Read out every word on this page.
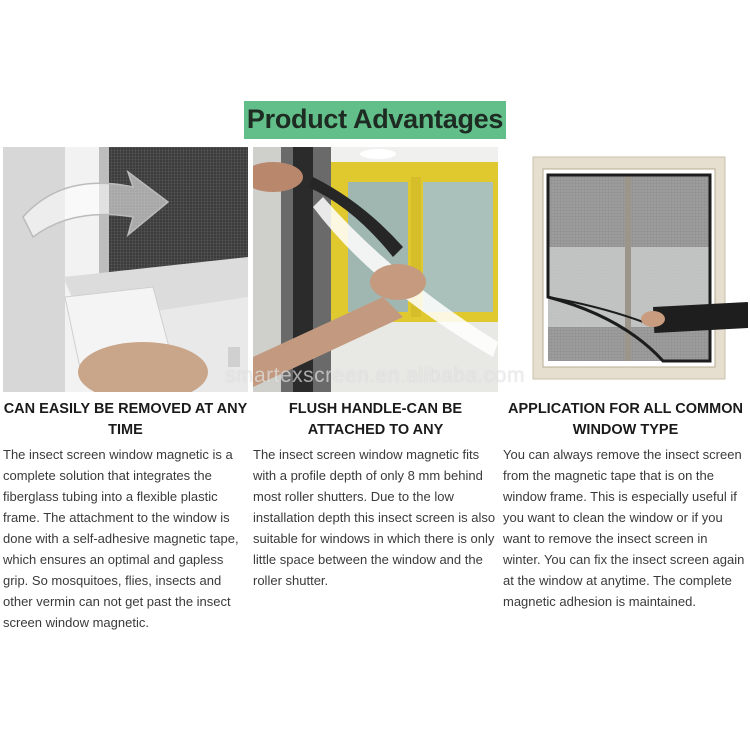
Product Advantages
CAN EASILY BE REMOVED AT ANY TIME
The insect screen window magnetic is a complete solution that integrates the fiberglass tubing into a flexible plastic frame. The attachment to the window is done with a self-adhesive magnetic tape, which ensures an optimal and gapless grip. So mosquitoes, flies, insects and other vermin can not get past the insect screen window magnetic.
FLUSH HANDLE-CAN BE ATTACHED TO ANY
The insect screen window magnetic fits with a profile depth of only 8 mm behind most roller shutters. Due to the low installation depth this insect screen is also suitable for windows in which there is only little space between the window and the roller shutter.
APPLICATION FOR ALL COMMON WINDOW TYPE
You can always remove the insect screen from the magnetic tape that is on the window frame. This is especially useful if you want to clean the window or if you want to remove the insect screen in winter. You can fix the insect screen again at the window at anytime. The complete magnetic adhesion is maintained.
smartexscreen.en.alibaba.com
